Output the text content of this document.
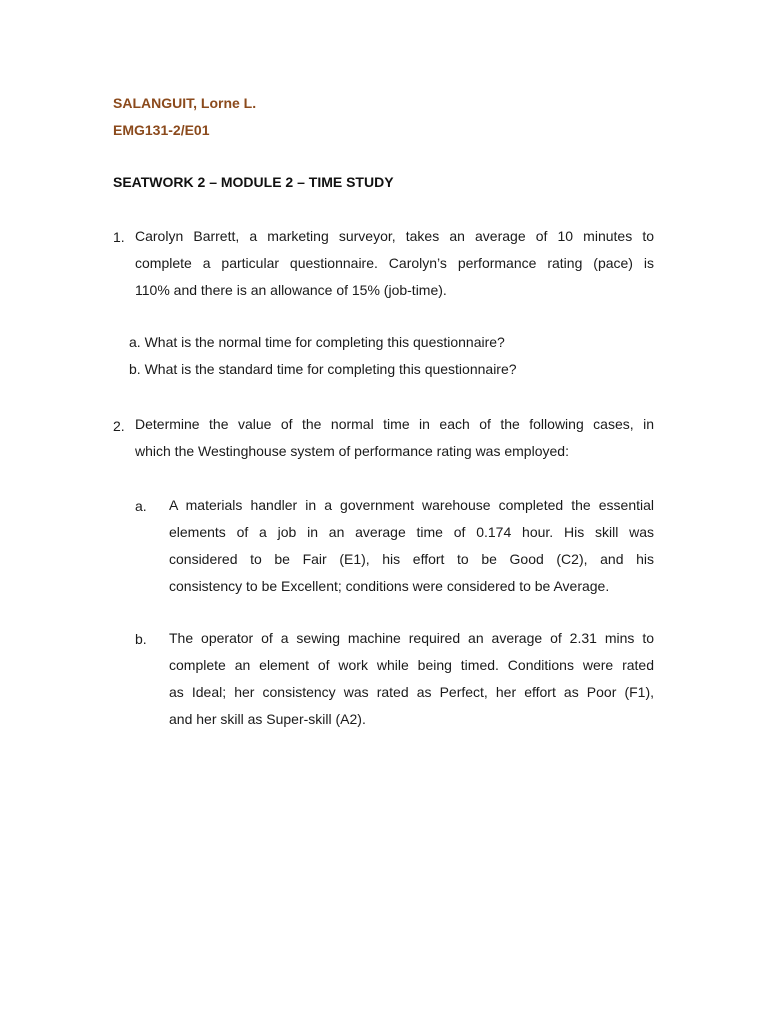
SALANGUIT, Lorne L.
EMG131-2/E01
SEATWORK 2 – MODULE 2 – TIME STUDY
1. Carolyn Barrett, a marketing surveyor, takes an average of 10 minutes to
complete a particular questionnaire. Carolyn’s performance rating (pace) is
110% and there is an allowance of 15% (job-time).
a. What is the normal time for completing this questionnaire?
b. What is the standard time for completing this questionnaire?
2. Determine the value of the normal time in each of the following cases, in
which the Westinghouse system of performance rating was employed:
a. A materials handler in a government warehouse completed the essential
elements of a job in an average time of 0.174 hour. His skill was
considered to be Fair (E1), his effort to be Good (C2), and his
consistency to be Excellent; conditions were considered to be Average.
b. The operator of a sewing machine required an average of 2.31 mins to
complete an element of work while being timed. Conditions were rated
as Ideal; her consistency was rated as Perfect, her effort as Poor (F1),
and her skill as Super-skill (A2).
